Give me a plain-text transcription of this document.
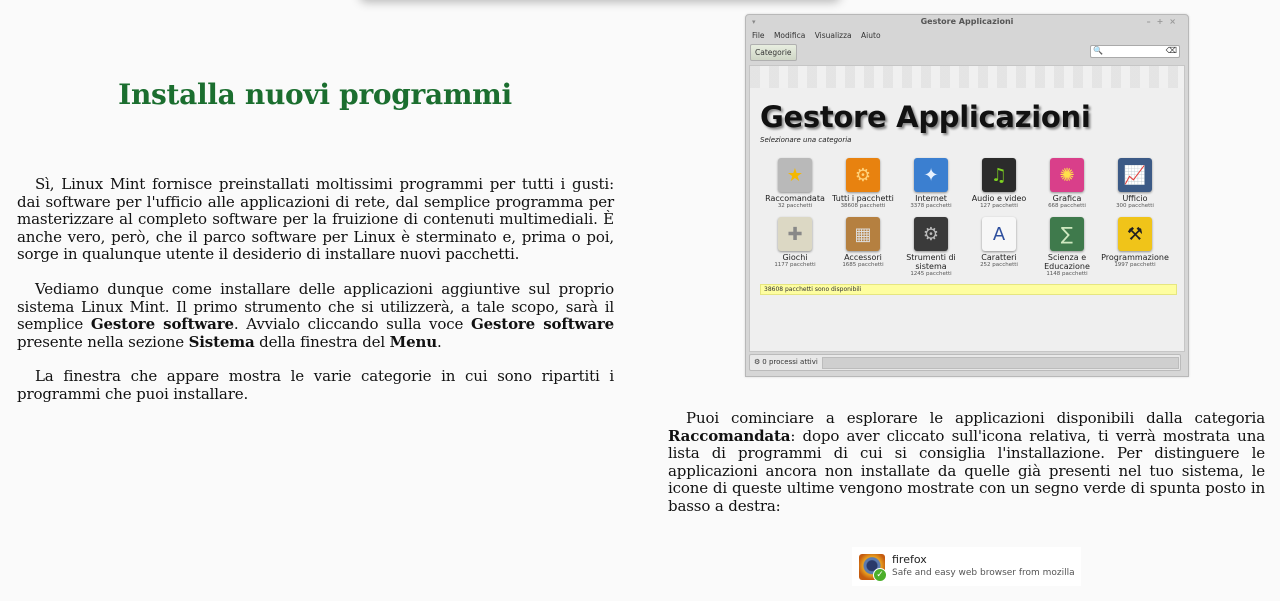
Installa nuovi programmi

Sì, Linux Mint fornisce preinstallati moltissimi programmi per tutti i gusti: dai software per l'ufficio alle applicazioni di rete, dal semplice programma per masterizzare al completo software per la fruizione di contenuti multimediali. È anche vero, però, che il parco software per Linux è sterminato e, prima o poi, sorge in qualunque utente il desiderio di installare nuovi pacchetti.

Vediamo dunque come installare delle applicazioni aggiuntive sul proprio sistema Linux Mint. Il primo strumento che si utilizzerà, a tale scopo, sarà il semplice Gestore software. Avvialo cliccando sulla voce Gestore software presente nella sezione Sistema della finestra del Menu.

La finestra che appare mostra le varie categorie in cui sono ripartiti i programmi che puoi installare.

▾	Gestore Applicazioni	–+×
File Modifica Visualizza Aiuto
Categorie	🔍	⌫
Gestore Applicazioni
Selezionare una categoria
★
Raccomandata
32 pacchetti
⚙
Tutti i pacchetti
38608 pacchetti
✦
Internet
3378 pacchetti
♫
Audio e video
127 pacchetti
✺
Grafica
668 pacchetti
📈
Ufficio
300 pacchetti
✚
Giochi
1177 pacchetti
▦
Accessori
1685 pacchetti
⚙
Strumenti di sistema
1245 pacchetti
A
Caratteri
252 pacchetti
∑
Scienza e Educazione
1148 pacchetti
⚒
Programmazione
1997 pacchetti
38608 pacchetti sono disponibili
⚙ 0 processi attivi

Puoi cominciare a esplorare le applicazioni disponibili dalla categoria Raccomandata: dopo aver cliccato sull'icona relativa, ti verrà mostrata una lista di programmi di cui si consiglia l'installazione. Per distinguere le applicazioni ancora non installate da quelle già presenti nel tuo sistema, le icone di queste ultime vengono mostrate con un segno verde di spunta posto in basso a destra:

✓
firefox
Safe and easy web browser from mozilla
